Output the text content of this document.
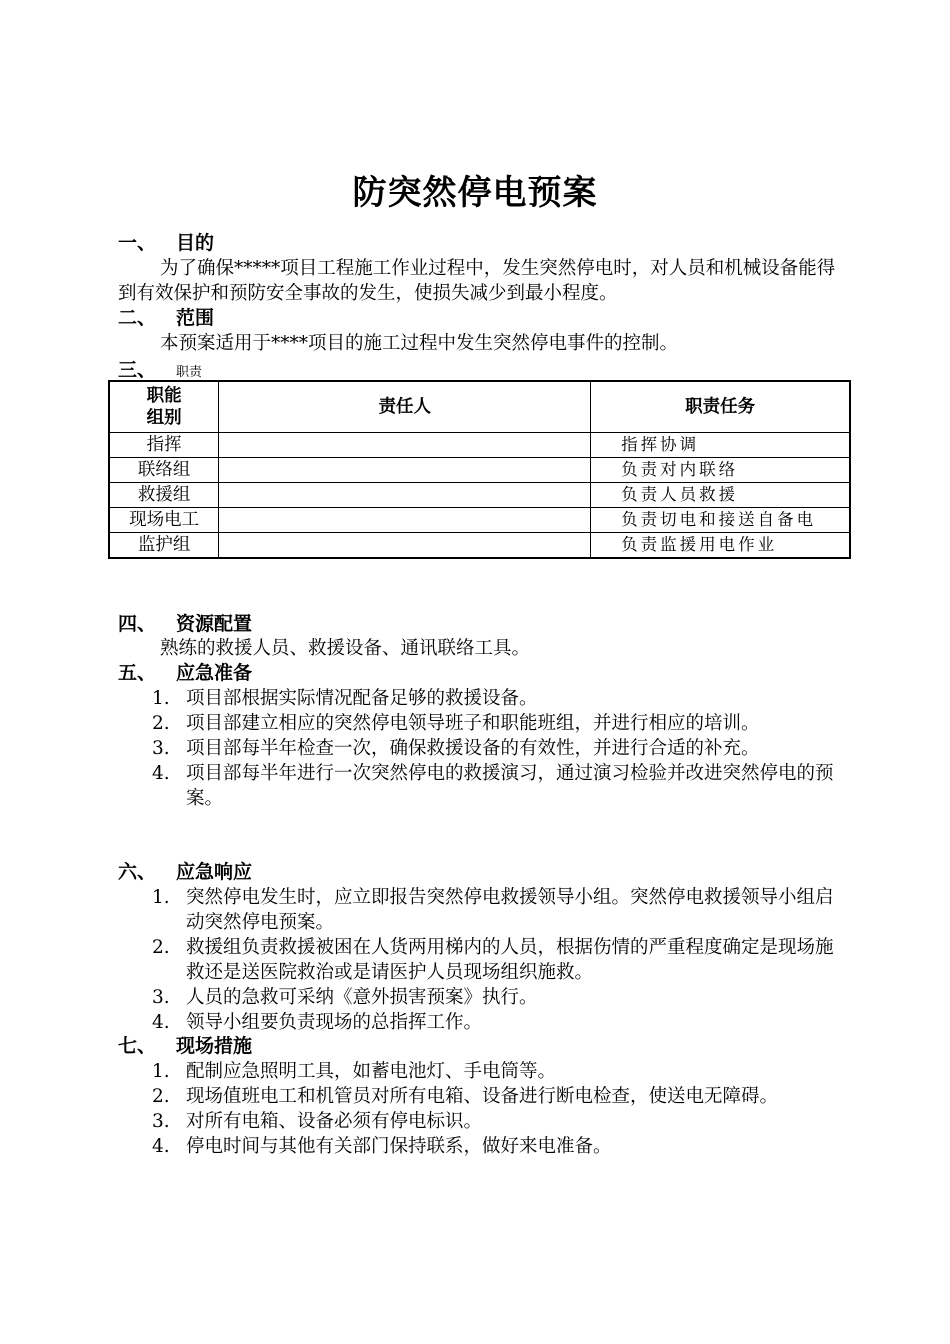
防突然停电预案
一、 目的
为了确保*****项目工程施工作业过程中，发生突然停电时，对人员和机械设备能得到有效保护和预防安全事故的发生，使损失减少到最小程度。
二、 范围
本预案适用于****项目的施工过程中发生突然停电事件的控制。
三、 职责
职能组别	责任人	职责任务
指挥		指挥协调
联络组		负责对内联络
救援组		负责人员救援
现场电工		负责切电和接送自备电
监护组		负责监援用电作业
四、 资源配置
熟练的救援人员、救援设备、通讯联络工具。
五、 应急准备
1. 项目部根据实际情况配备足够的救援设备。
2. 项目部建立相应的突然停电领导班子和职能班组，并进行相应的培训。
3. 项目部每半年检查一次，确保救援设备的有效性，并进行合适的补充。
4. 项目部每半年进行一次突然停电的救援演习，通过演习检验并改进突然停电的预案。
六、 应急响应
1. 突然停电发生时，应立即报告突然停电救援领导小组。突然停电救援领导小组启动突然停电预案。
2. 救援组负责救援被困在人货两用梯内的人员，根据伤情的严重程度确定是现场施救还是送医院救治或是请医护人员现场组织施救。
3. 人员的急救可采纳《意外损害预案》执行。
4. 领导小组要负责现场的总指挥工作。
七、 现场措施
1. 配制应急照明工具，如蓄电池灯、手电筒等。
2. 现场值班电工和机管员对所有电箱、设备进行断电检查，使送电无障碍。
3. 对所有电箱、设备必须有停电标识。
4. 停电时间与其他有关部门保持联系，做好来电准备。
